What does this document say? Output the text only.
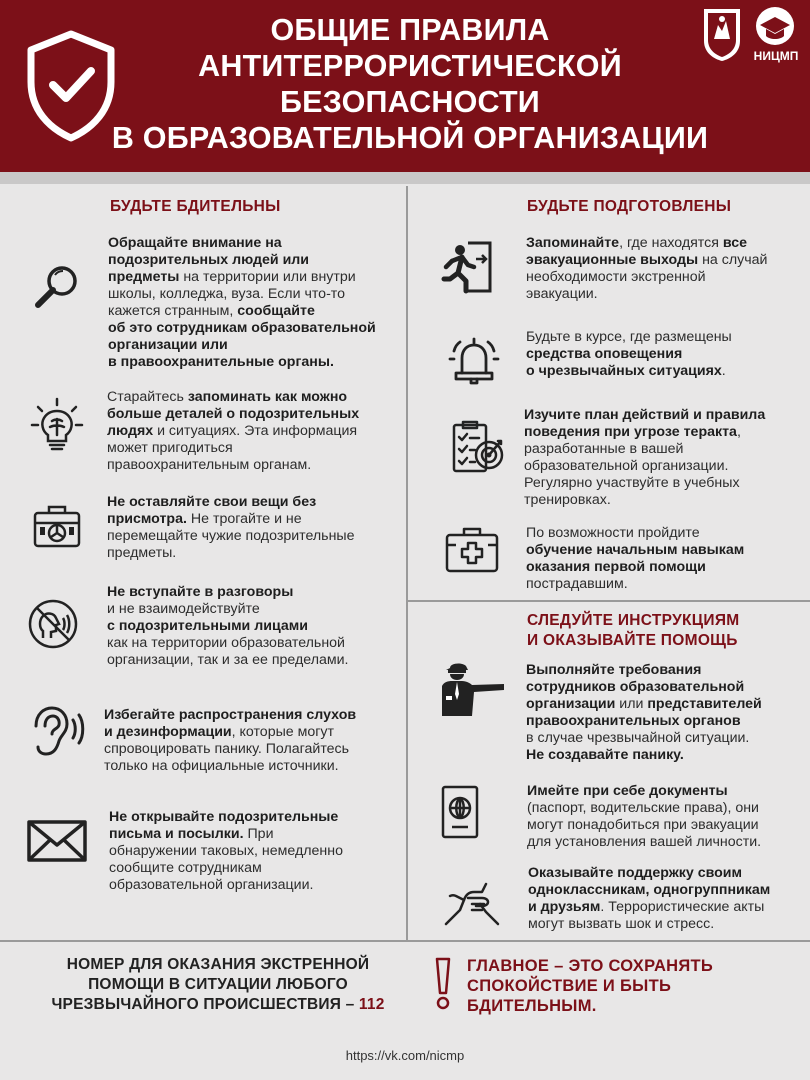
ОБЩИЕ ПРАВИЛА
АНТИТЕРРОРИСТИЧЕСКОЙ
БЕЗОПАСНОСТИ
В ОБРАЗОВАТЕЛЬНОЙ ОРГАНИЗАЦИИ
НИЦМП
БУДЬТЕ БДИТЕЛЬНЫ
Обращайте внимание на
подозрительных людей или
предметы на территории или внутри
школы, колледжа, вуза. Если что-то
кажется странным, сообщайте
об это сотрудникам образовательной
организации или
в правоохранительные органы.
Старайтесь запоминать как можно
больше деталей о подозрительных
людях и ситуациях. Эта информация
может пригодиться
правоохранительным органам.
Не оставляйте свои вещи без
присмотра. Не трогайте и не
перемещайте чужие подозрительные
предметы.
Не вступайте в разговоры
и не взаимодействуйте
с подозрительными лицами
как на территории образовательной
организации, так и за ее пределами.
Избегайте распространения слухов
и дезинформации, которые могут
спровоцировать панику. Полагайтесь
только на официальные источники.
Не открывайте подозрительные
письма и посылки. При
обнаружении таковых, немедленно
сообщите сотрудникам
образовательной организации.
БУДЬТЕ ПОДГОТОВЛЕНЫ
Запоминайте, где находятся все
эвакуационные выходы на случай
необходимости экстренной
эвакуации.
Будьте в курсе, где размещены
средства оповещения
о чрезвычайных ситуациях.
Изучите план действий и правила
поведения при угрозе теракта,
разработанные в вашей
образовательной организации.
Регулярно участвуйте в учебных
тренировках.
По возможности пройдите
обучение начальным навыкам
оказания первой помощи
пострадавшим.
СЛЕДУЙТЕ ИНСТРУКЦИЯМ
И ОКАЗЫВАЙТЕ ПОМОЩЬ
Выполняйте требования
сотрудников образовательной
организации или представителей
правоохранительных органов
в случае чрезвычайной ситуации.
Не создавайте панику.
Имейте при себе документы
(паспорт, водительские права), они
могут понадобиться при эвакуации
для установления вашей личности.
Оказывайте поддержку своим
одноклассникам, одногруппникам
и друзьям. Террористические акты
могут вызвать шок и стресс.
НОМЕР ДЛЯ ОКАЗАНИЯ ЭКСТРЕННОЙ
ПОМОЩИ В СИТУАЦИИ ЛЮБОГО
ЧРЕЗВЫЧАЙНОГО ПРОИСШЕСТВИЯ – 112
ГЛАВНОЕ – ЭТО СОХРАНЯТЬ
СПОКОЙСТВИЕ И БЫТЬ
БДИТЕЛЬНЫМ.
https://vk.com/nicmp
